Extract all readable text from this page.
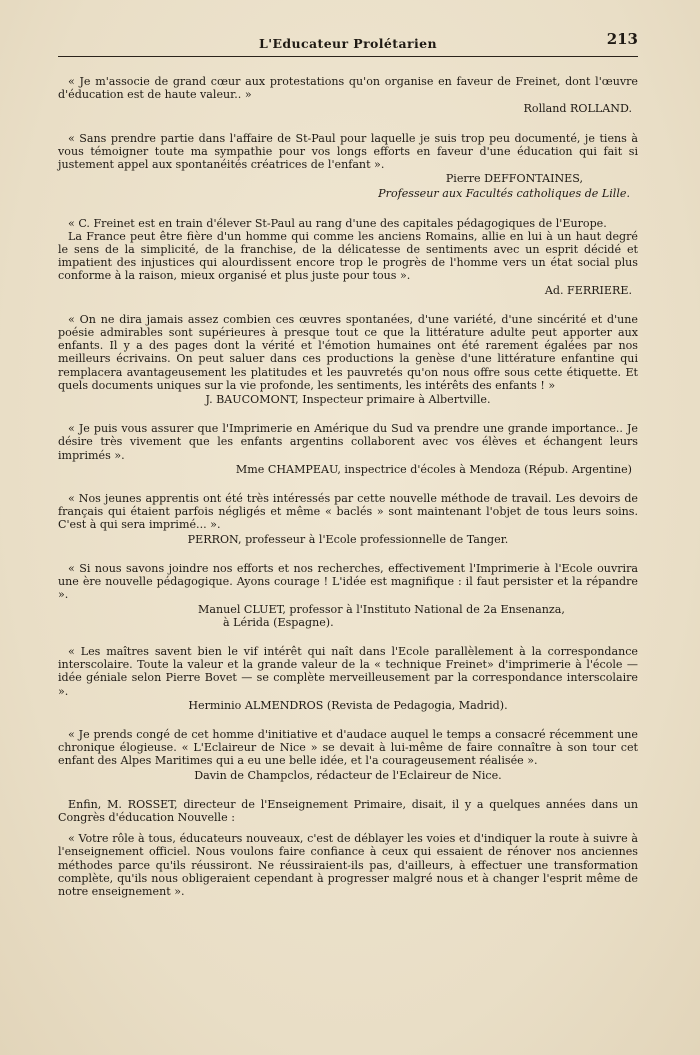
L'Educateur Prolétarien	213

« Je m'associe de grand cœur aux protestations qu'on organise en faveur de Freinet, dont l'œuvre d'éducation est de haute valeur.. »

Rolland ROLLAND.

« Sans prendre partie dans l'affaire de St-Paul pour laquelle je suis trop peu documenté, je tiens à vous témoigner toute ma sympathie pour vos longs efforts en faveur d'une éducation qui fait si justement appel aux spontanéités créatrices de l'enfant ».

Pierre DEFFONTAINES,

Professeur aux Facultés catholiques de Lille.

« C. Freinet est en train d'élever St-Paul au rang d'une des capitales pédagogiques de l'Europe.

La France peut être fière d'un homme qui comme les anciens Romains, allie en lui à un haut degré le sens de la simplicité, de la franchise, de la délicatesse de sentiments avec un esprit décidé et impatient des injustices qui alourdissent encore trop le progrès de l'homme vers un état social plus conforme à la raison, mieux organisé et plus juste pour tous ».

Ad. FERRIERE.

« On ne dira jamais assez combien ces œuvres spontanées, d'une variété, d'une sincérité et d'une poésie admirables sont supérieures à presque tout ce que la littérature adulte peut apporter aux enfants. Il y a des pages dont la vérité et l'émotion humaines ont été rarement égalées par nos meilleurs écrivains. On peut saluer dans ces productions la genèse d'une littérature enfantine qui remplacera avantageusement les platitudes et les pauvretés qu'on nous offre sous cette étiquette. Et quels documents uniques sur la vie profonde, les sentiments, les intérêts des enfants ! »

J. BAUCOMONT, Inspecteur primaire à Albertville.

« Je puis vous assurer que l'Imprimerie en Amérique du Sud va prendre une grande importance.. Je désire très vivement que les enfants argentins collaborent avec vos élèves et échangent leurs imprimés ».

Mme CHAMPEAU, inspectrice d'écoles à Mendoza (Répub. Argentine)

« Nos jeunes apprentis ont été très intéressés par cette nouvelle méthode de travail. Les devoirs de français qui étaient parfois négligés et même « baclés » sont maintenant l'objet de tous leurs soins. C'est à qui sera imprimé... ».

PERRON, professeur à l'Ecole professionnelle de Tanger.

« Si nous savons joindre nos efforts et nos recherches, effectivement l'Imprimerie à l'Ecole ouvrira une ère nouvelle pédagogique. Ayons courage ! L'idée est magnifique : il faut persister et la répandre ».

Manuel CLUET, professor à l'Instituto National de 2a Ensenanza,

à Lérida (Espagne).

« Les maîtres savent bien le vif intérêt qui naît dans l'Ecole parallèlement à la correspondance interscolaire. Toute la valeur et la grande valeur de la « technique Freinet» d'imprimerie à l'école — idée géniale selon Pierre Bovet — se complète merveilleusement par la correspondance interscolaire ».

Herminio ALMENDROS (Revista de Pedagogia, Madrid).

« Je prends congé de cet homme d'initiative et d'audace auquel le temps a consacré récemment une chronique élogieuse. « L'Eclaireur de Nice » se devait à lui-même de faire connaître à son tour cet enfant des Alpes Maritimes qui a eu une belle idée, et l'a courageusement réalisée ».

Davin de Champclos, rédacteur de l'Eclaireur de Nice.

Enfin, M. ROSSET, directeur de l'Enseignement Primaire, disait, il y a quelques années dans un Congrès d'éducation Nouvelle :

« Votre rôle à tous, éducateurs nouveaux, c'est de déblayer les voies et d'indiquer la route à suivre à l'enseignement officiel. Nous voulons faire confiance à ceux qui essaient de rénover nos anciennes méthodes parce qu'ils réussiront. Ne réussiraient-ils pas, d'ailleurs, à effectuer une transformation complète, qu'ils nous obligeraient cependant à progresser malgré nous et à changer l'esprit même de notre enseignement ».
